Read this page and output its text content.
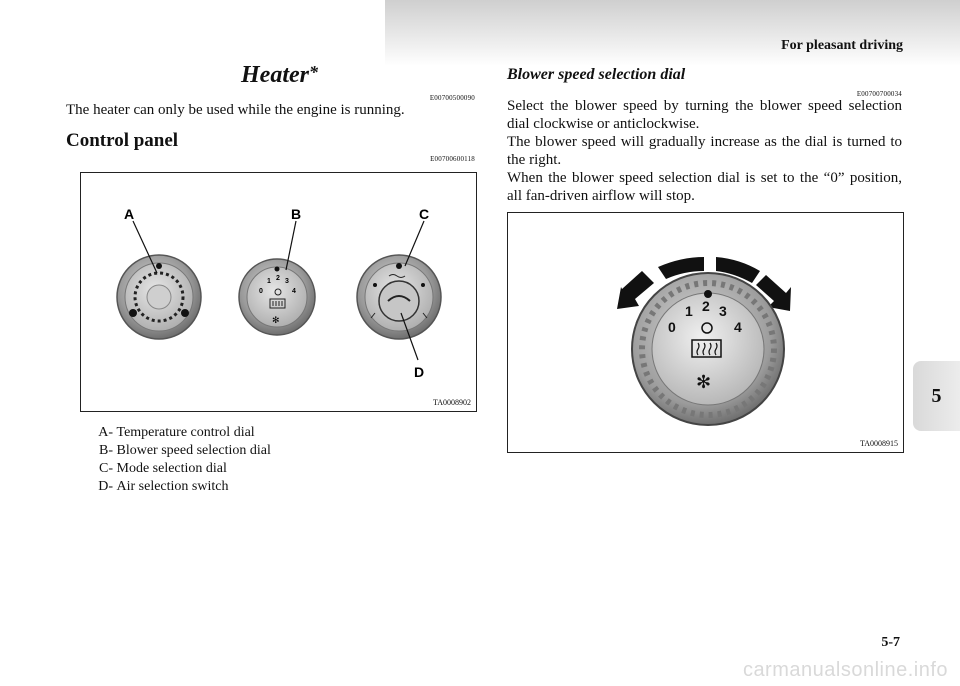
For pleasant driving
Heater*
E00700500090
The heater can only be used while the engine is running.
Control panel
E00700600118
0
1 2 3
4
✻
A	B	C
D
TA0008902
A-
Temperature control dial
B-
Blower speed selection dial
C-
Mode selection dial
D-
Air selection switch
Blower speed selection dial
E00700700034
Select the blower speed by turning the blower speed selection dial clockwise or anticlockwise.
The blower speed will gradually increase as the dial is turned to the right.
When the blower speed selection dial is set to the “0” position, all fan-driven airflow will stop.
0
1 2 3
4
✻
TA0008915
5
5-7
carmanualsonline.info
